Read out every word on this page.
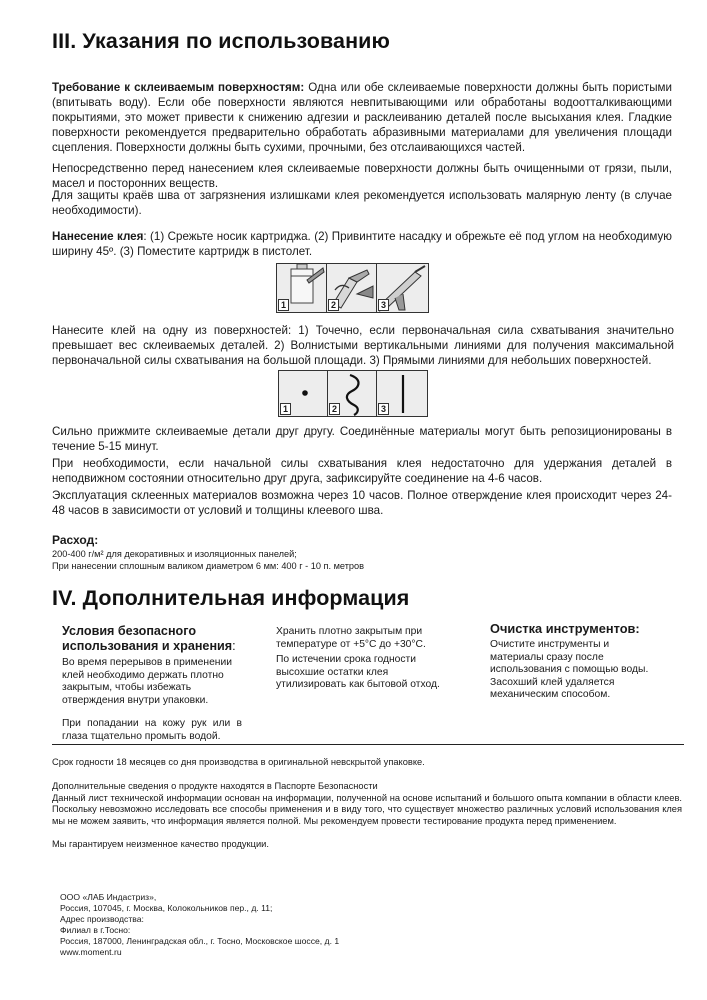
III. Указания по использованию

Требование к склеиваемым поверхностям: Одна или обе склеиваемые поверхности должны быть пористыми (впитывать воду). Если обе поверхности являются невпитывающими или обработаны водоотталкивающими покрытиями, это может привести к снижению адгезии и расклеиванию деталей после высыхания клея. Гладкие поверхности рекомендуется предварительно обработать абразивными материалами для увеличения площади сцепления. Поверхности должны быть сухими, прочными, без отслаивающихся частей.

Непосредственно перед нанесением клея склеиваемые поверхности должны быть очищенными от грязи, пыли, масел и посторонних веществ.

Для защиты краёв шва от загрязнения излишками клея рекомендуется использовать малярную ленту (в случае необходимости).

Нанесение клея: (1) Срежьте носик картриджа. (2) Привинтите насадку и обрежьте её под углом на необходимую ширину 45º. (3) Поместите картридж в пистолет.

1	2	3

Нанесите клей на одну из поверхностей: 1) Точечно, если первоначальная сила схватывания значительно превышает вес склеиваемых деталей. 2) Волнистыми вертикальными линиями для получения максимальной первоначальной силы схватывания на большой площади. 3) Прямыми линиями для небольших поверхностей.

1	2	3

Сильно прижмите склеиваемые детали друг другу. Соединённые материалы могут быть репозиционированы в течение 5-15 минут.

При необходимости, если начальной силы схватывания клея недостаточно для удержания деталей в неподвижном состоянии относительно друг друга, зафиксируйте соединение на 4-6 часов.

Эксплуатация склеенных материалов возможна через 10 часов. Полное отверждение клея происходит через 24-48 часов в зависимости от условий и толщины клеевого шва.

Расход:

200-400 г/м² для декоративных и изоляционных панелей;

При нанесении сплошным валиком диаметром 6 мм: 400 г - 10 п. метров

IV. Дополнительная информация

Условия безопасного
использования и хранения:

Во время перерывов в применении клей необходимо держать плотно закрытым, чтобы избежать отверждения внутри упаковки.

При попадании на кожу рук или в глаза тщательно промыть водой.

Хранить плотно закрытым при температуре от +5°С до +30°С.

По истечении срока годности высохшие остатки клея утилизировать как бытовой отход.

Очистка инструментов:

Очистите инструменты и материалы сразу после использования с помощью воды. Засохший клей удаляется механическим способом.

Срок годности 18 месяцев со дня производства в оригинальной невскрытой упаковке.

Дополнительные сведения о продукте находятся в Паспорте Безопасности

Данный лист технической информации основан на информации, полученной на основе испытаний и большого опыта компании в области клеев. Поскольку невозможно исследовать все способы применения и в виду того, что существует множество различных условий использования клея мы не можем заявить, что информация является полной. Мы рекомендуем провести тестирование продукта перед применением.

Мы гарантируем неизменное качество продукции.

ООО «ЛАБ Индастриз»,

Россия, 107045, г. Москва, Колокольников пер., д. 11;

Адрес производства:

Филиал в г.Тосно:

Россия, 187000, Ленинградская обл., г. Тосно, Московское шоссе, д. 1

www.moment.ru
